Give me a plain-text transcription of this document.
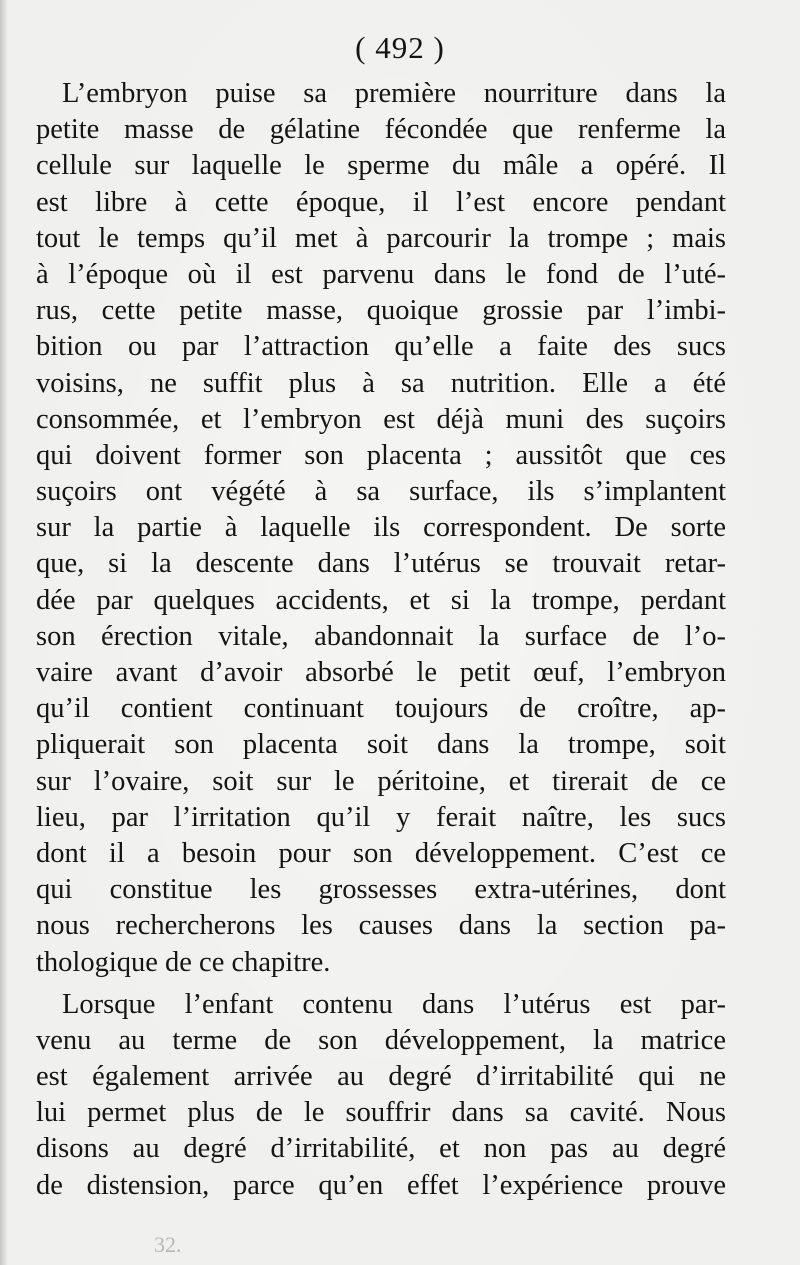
( 492 )
L’embryon puise sa première nourriture dans la
petite masse de gélatine fécondée que renferme la
cellule sur laquelle le sperme du mâle a opéré. Il
est libre à cette époque, il l’est encore pendant
tout le temps qu’il met à parcourir la trompe ; mais
à l’époque où il est parvenu dans le fond de l’uté-
rus, cette petite masse, quoique grossie par l’imbi-
bition ou par l’attraction qu’elle a faite des sucs
voisins, ne suffit plus à sa nutrition. Elle a été
consommée, et l’embryon est déjà muni des suçoirs
qui doivent former son placenta ; aussitôt que ces
suçoirs ont végété à sa surface, ils s’implantent
sur la partie à laquelle ils correspondent. De sorte
que, si la descente dans l’utérus se trouvait retar-
dée par quelques accidents, et si la trompe, perdant
son érection vitale, abandonnait la surface de l’o-
vaire avant d’avoir absorbé le petit œuf, l’embryon
qu’il contient continuant toujours de croître, ap-
pliquerait son placenta soit dans la trompe, soit
sur l’ovaire, soit sur le péritoine, et tirerait de ce
lieu, par l’irritation qu’il y ferait naître, les sucs
dont il a besoin pour son développement. C’est ce
qui constitue les grossesses extra-utérines, dont
nous rechercherons les causes dans la section pa-
thologique de ce chapitre.
Lorsque l’enfant contenu dans l’utérus est par-
venu au terme de son développement, la matrice
est également arrivée au degré d’irritabilité qui ne
lui permet plus de le souffrir dans sa cavité. Nous
disons au degré d’irritabilité, et non pas au degré
de distension, parce qu’en effet l’expérience prouve
32.
